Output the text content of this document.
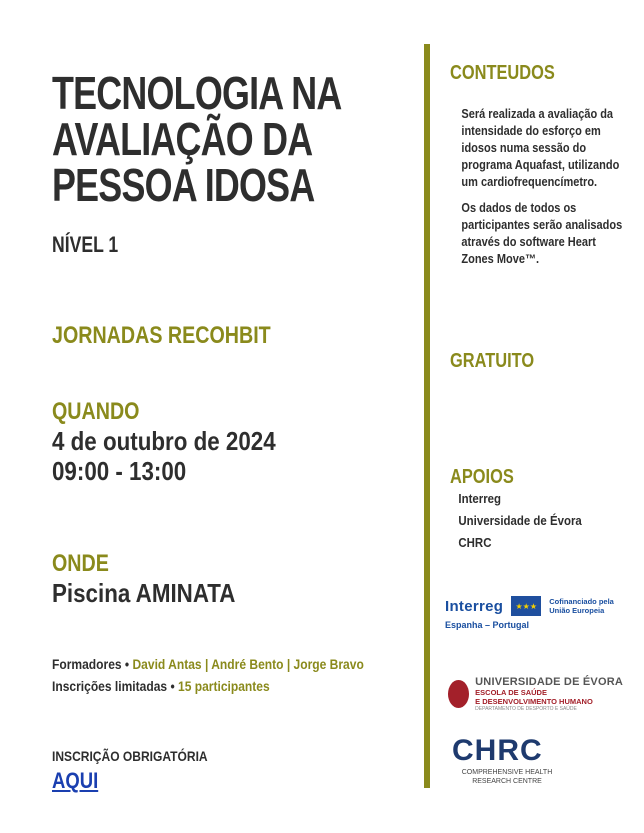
TECNOLOGIA NA
AVALIAÇÃO DA
PESSOA IDOSA
NÍVEL 1
JORNADAS RECOHBIT
QUANDO
4 de outubro de 2024
09:00 - 13:00
ONDE
Piscina AMINATA
Formadores • David Antas | André Bento | Jorge Bravo
Inscrições limitadas • 15 participantes
INSCRIÇÃO OBRIGATÓRIA
AQUI
CONTEUDOS

Será realizada a avaliação da intensidade do esforço em idosos numa sessão do programa Aquafast, utilizando um cardiofrequencímetro.

Os dados de todos os participantes serão analisados através do software Heart Zones Move™.

GRATUITO
APOIOS
Interreg
Universidade de Évora
CHRC
Interreg	★★★	Cofinanciado pela
União Europeia
Espanha – Portugal
UNIVERSIDADE DE ÉVORA
ESCOLA DE SAÚDE
E DESENVOLVIMENTO HUMANO
DEPARTAMENTO DE DESPORTO E SAÚDE
CHRC
COMPREHENSIVE HEALTH
RESEARCH CENTRE
